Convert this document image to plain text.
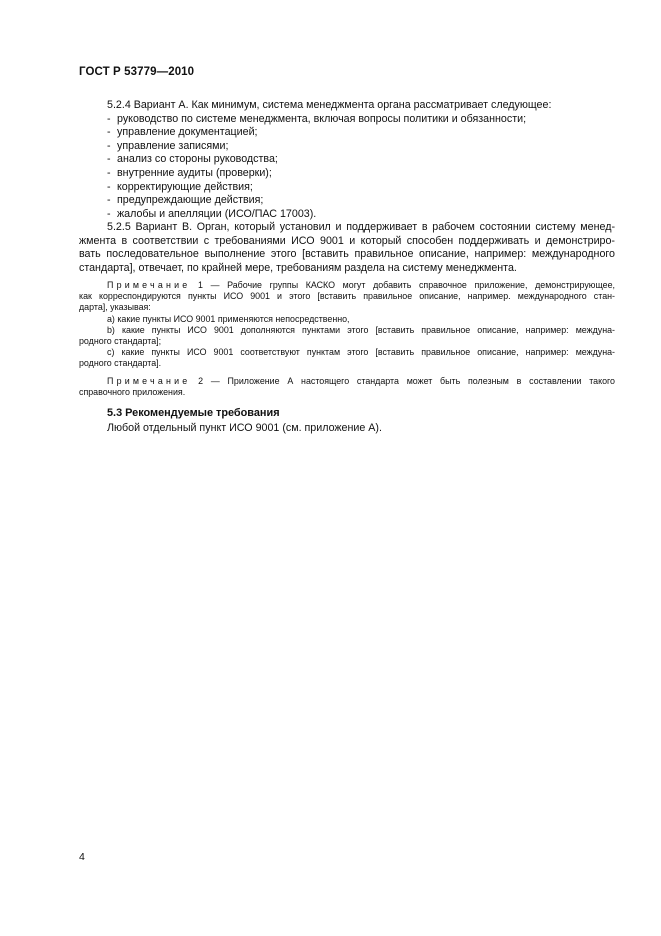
ГОСТ Р 53779—2010

5.2.4 Вариант А. Как минимум, система менеджмента органа рассматривает следующее:

- руководство по системе менеджмента, включая вопросы политики и обязанности;

- управление документацией;

- управление записями;

- анализ со стороны руководства;

- внутренние аудиты (проверки);

- корректирующие действия;

- предупреждающие действия;

- жалобы и апелляции (ИСО/ПАС 17003).

5.2.5 Вариант В. Орган, который установил и поддерживает в рабочем состоянии систему менед-

жмента в соответствии с требованиями ИСО 9001 и который способен поддерживать и демонстриро-

вать последовательное выполнение этого [вставить правильное описание, например: международного

стандарта], отвечает, по крайней мере, требованиям раздела на систему менеджмента.

Примечание 1 — Рабочие группы КАСКО могут добавить справочное приложение, демонстрирующее,

как корреспондируются пункты ИСО 9001 и этого [вставить правильное описание, например. международного стан-

дарта], указывая:

a) какие пункты ИСО 9001 применяются непосредственно,

b) какие пункты ИСО 9001 дополняются пунктами этого [вставить правильное описание, например: междуна-

родного стандарта];

c) какие пункты ИСО 9001 соответствуют пунктам этого [вставить правильное описание, например: междуна-

родного стандарта].

Примечание 2 — Приложение А настоящего стандарта может быть полезным в составлении такого

справочного приложения.

5.3 Рекомендуемые требования

Любой отдельный пункт ИСО 9001 (см. приложение А).

4
